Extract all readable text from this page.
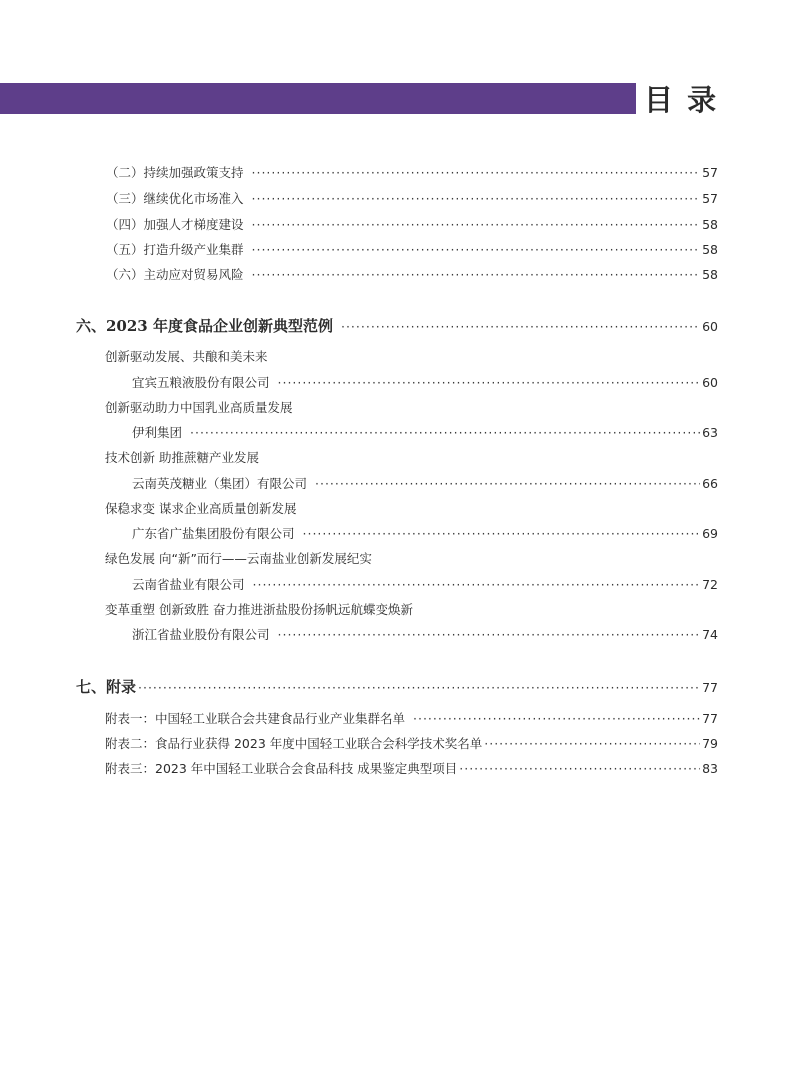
目 录
（二）持续加强政策支持 ·····	57
（三）继续优化市场准入 ·····	57
（四）加强人才梯度建设 ·····	58
（五）打造升级产业集群 ·····	58
（六）主动应对贸易风险 ·····	58
六、2023 年度食品企业创新典型范例 ·····	60
创新驱动发展、共酿和美未来
宜宾五粮液股份有限公司 ·····	60
创新驱动助力中国乳业高质量发展
伊利集团 ·····	63
技术创新 助推蔗糖产业发展
云南英茂糖业（集团）有限公司 ·····	66
保稳求变 谋求企业高质量创新发展
广东省广盐集团股份有限公司 ·····	69
绿色发展 向“新”而行——云南盐业创新发展纪实
云南省盐业有限公司 ·····	72
变革重塑 创新致胜 奋力推进浙盐股份扬帆远航蝶变焕新
浙江省盐业股份有限公司 ·····	74
七、附录 ·····	77
附表一：中国轻工业联合会共建食品行业产业集群名单 ·····	77
附表二：食品行业获得 2023 年度中国轻工业联合会科学技术奖名单 ·····	79
附表三：2023 年中国轻工业联合会食品科技 成果鉴定典型项目 ·····	83
